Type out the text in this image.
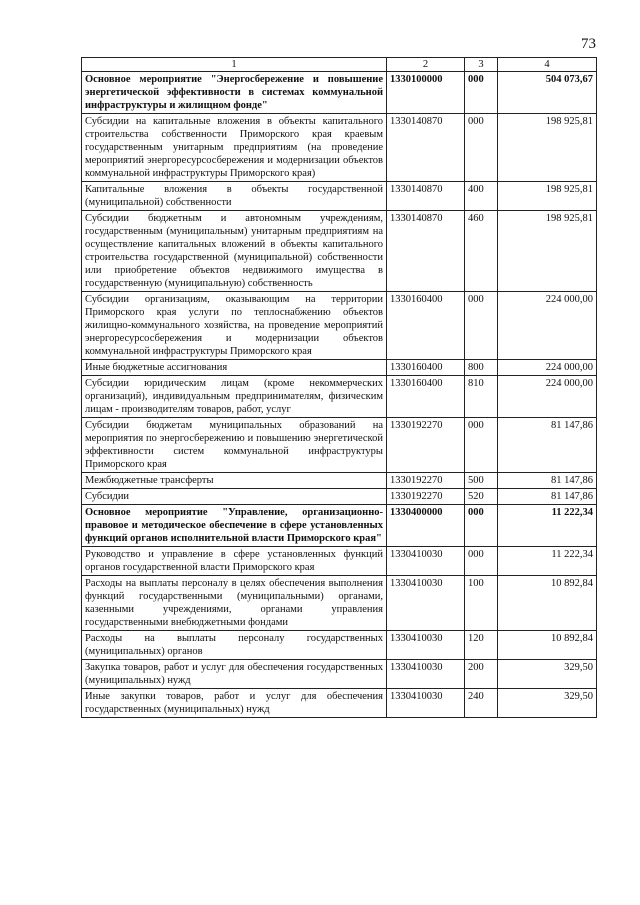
73
1	2	3	4
Основное мероприятие "Энергосбережение и повышение энергетической эффективности в системах коммунальной инфраструктуры и жилищном фонде"	1330100000	000	504 073,67
Субсидии на капитальные вложения в объекты капитального строительства собственности Приморского края краевым государственным унитарным предприятиям (на проведение мероприятий энергоресурсосбережения и модернизации объектов коммунальной инфраструктуры Приморского края)	1330140870	000	198 925,81
Капитальные вложения в объекты государственной (муниципальной) собственности	1330140870	400	198 925,81
Субсидии бюджетным и автономным учреждениям, государственным (муниципальным) унитарным предприятиям на осуществление капитальных вложений в объекты капитального строительства государственной (муниципальной) собственности или приобретение объектов недвижимого имущества в государственную (муниципальную) собственность	1330140870	460	198 925,81
Субсидии организациям, оказывающим на территории Приморского края услуги по теплоснабжению объектов жилищно-коммунального хозяйства, на проведение мероприятий энергоресурсосбережения и модернизации объектов коммунальной инфраструктуры Приморского края	1330160400	000	224 000,00
Иные бюджетные ассигнования	1330160400	800	224 000,00
Субсидии юридическим лицам (кроме некоммерческих организаций), индивидуальным предпринимателям, физическим лицам - производителям товаров, работ, услуг	1330160400	810	224 000,00
Субсидии бюджетам муниципальных образований на мероприятия по энергосбережению и повышению энергетической эффективности систем коммунальной инфраструктуры Приморского края	1330192270	000	81 147,86
Межбюджетные трансферты	1330192270	500	81 147,86
Субсидии	1330192270	520	81 147,86
Основное мероприятие "Управление, организационно-правовое и методическое обеспечение в сфере установленных функций органов исполнительной власти Приморского края"	1330400000	000	11 222,34
Руководство и управление в сфере установленных функций органов государственной власти Приморского края	1330410030	000	11 222,34
Расходы на выплаты персоналу в целях обеспечения выполнения функций государственными (муниципальными) органами, казенными учреждениями, органами управления государственными внебюджетными фондами	1330410030	100	10 892,84
Расходы на выплаты персоналу государственных (муниципальных) органов	1330410030	120	10 892,84
Закупка товаров, работ и услуг для обеспечения государственных (муниципальных) нужд	1330410030	200	329,50
Иные закупки товаров, работ и услуг для обеспечения государственных (муниципальных) нужд	1330410030	240	329,50
